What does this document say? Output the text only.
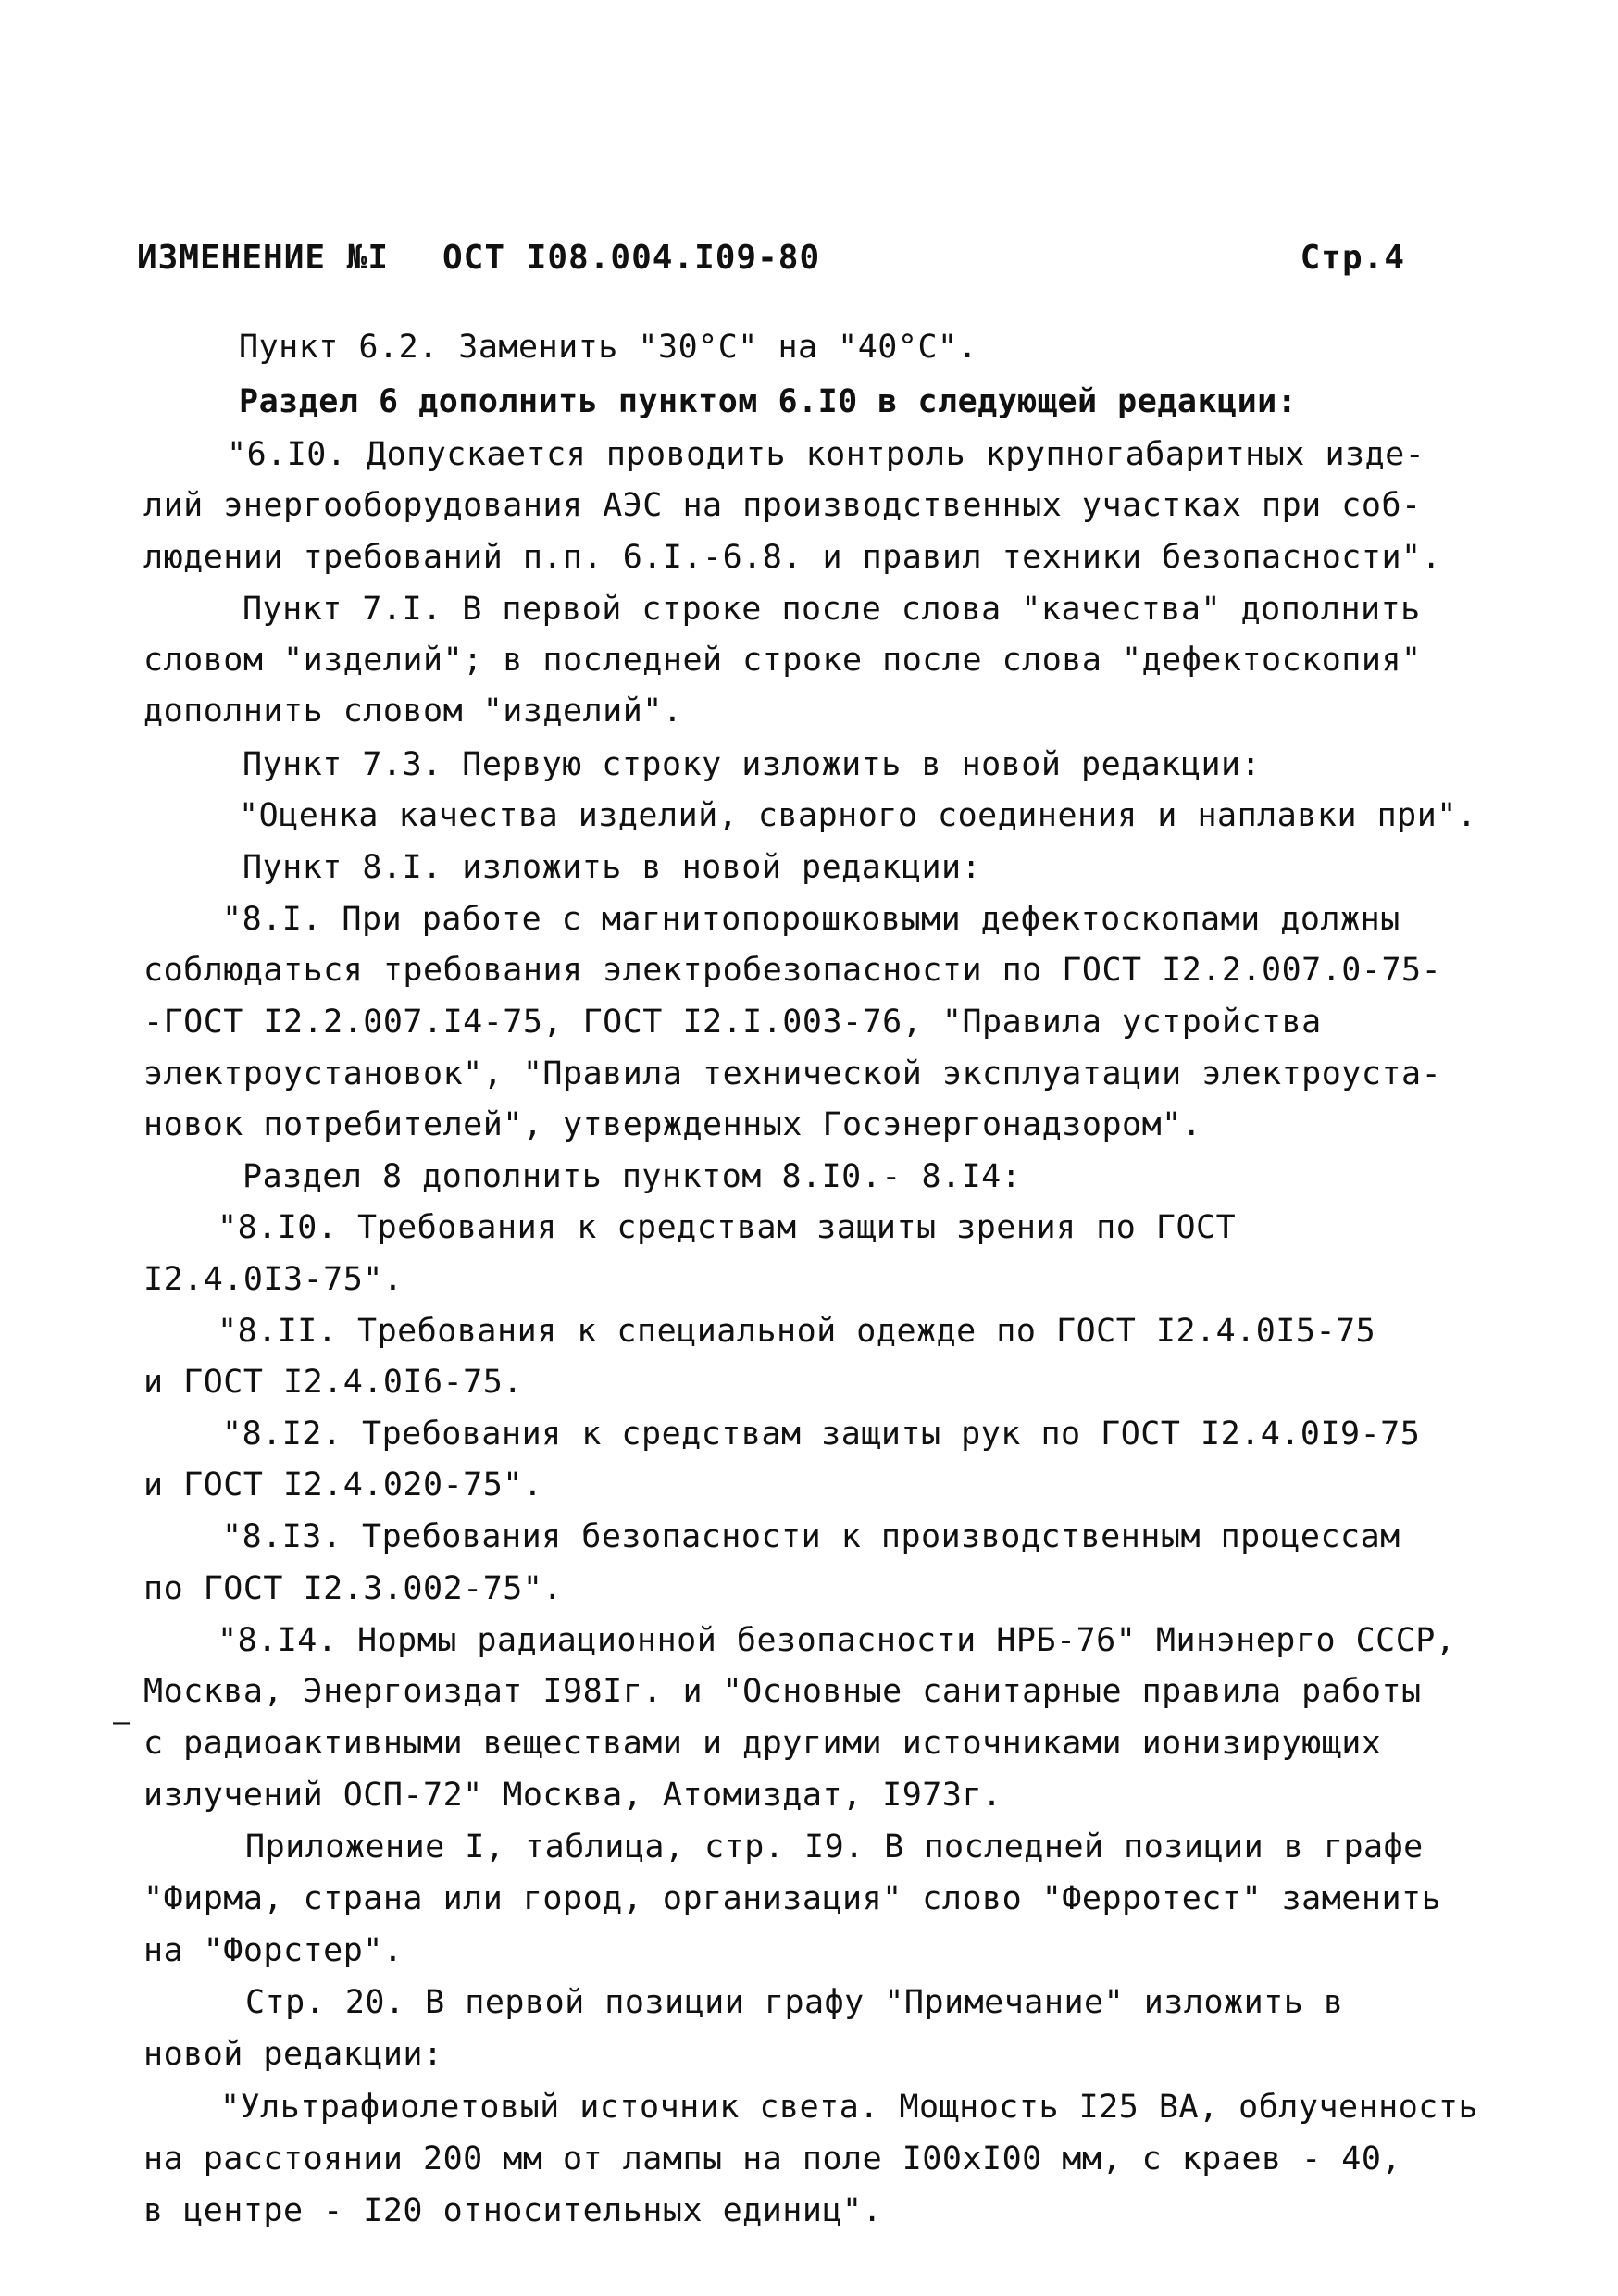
ИЗМЕНЕНИЕ №I ОСТ I08.004.I09-80	Стр.4
Пункт 6.2. Заменить "30°С" на "40°С".
Раздел 6 дополнить пунктом 6.I0 в следующей редакции:
"6.I0. Допускается проводить контроль крупногабаритных изде-
лий энергооборудования АЭС на производственных участках при соб-
людении требований п.п. 6.I.-6.8. и правил техники безопасности".
Пункт 7.I. В первой строке после слова "качества" дополнить
словом "изделий"; в последней строке после слова "дефектоскопия"
дополнить словом "изделий".
Пункт 7.3. Первую строку изложить в новой редакции:
"Оценка качества изделий, сварного соединения и наплавки при".
Пункт 8.I. изложить в новой редакции:
"8.I. При работе с магнитопорошковыми дефектоскопами должны
соблюдаться требования электробезопасности по ГОСТ I2.2.007.0-75-
-ГОСТ I2.2.007.I4-75, ГОСТ I2.I.003-76, "Правила устройства
электроустановок", "Правила технической эксплуатации электроуста-
новок потребителей", утвержденных Госэнергонадзором".
Раздел 8 дополнить пунктом 8.I0.- 8.I4:
"8.I0. Требования к средствам защиты зрения по ГОСТ
I2.4.0I3-75".
"8.II. Требования к специальной одежде по ГОСТ I2.4.0I5-75
и ГОСТ I2.4.0I6-75.
"8.I2. Требования к средствам защиты рук по ГОСТ I2.4.0I9-75
и ГОСТ I2.4.020-75".
"8.I3. Требования безопасности к производственным процессам
по ГОСТ I2.3.002-75".
"8.I4. Нормы радиационной безопасности НРБ-76" Минэнерго СССР,
Москва, Энергоиздат I98Iг. и "Основные санитарные правила работы
с радиоактивными веществами и другими источниками ионизирующих
–
излучений ОСП-72" Москва, Атомиздат, I973г.
Приложение I, таблица, стр. I9. В последней позиции в графе
"Фирма, страна или город, организация" слово "Ферротест" заменить
на "Форстер".
Стр. 20. В первой позиции графу "Примечание" изложить в
новой редакции:
"Ультрафиолетовый источник света. Мощность I25 ВА, облученность
на расстоянии 200 мм от лампы на поле I00хI00 мм, с краев - 40,
в центре - I20 относительных единиц".
